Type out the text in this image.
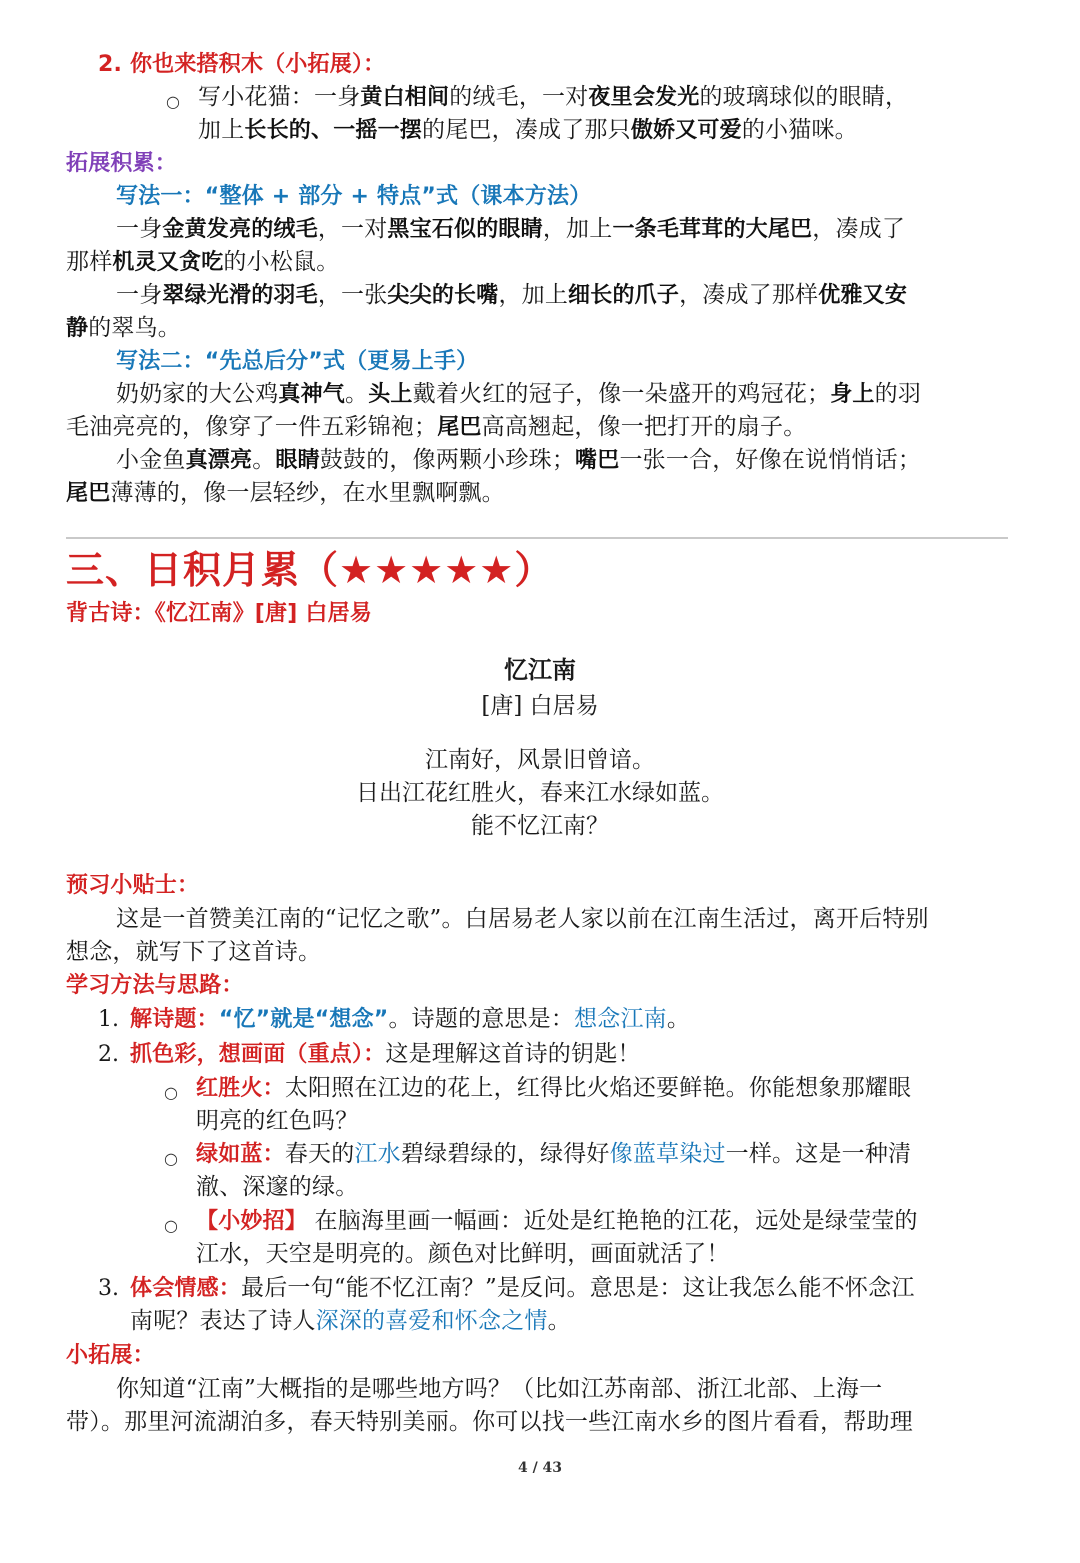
2. 你也来搭积木（小拓展）：
○ 写小花猫：一身黄白相间的绒毛，一对夜里会发光的玻璃球似的眼睛，
加上长长的、一摇一摆的尾巴，凑成了那只傲娇又可爱的小猫咪。
拓展积累：
写法一：“整体 + 部分 + 特点”式（课本方法）
一身金黄发亮的绒毛，一对黑宝石似的眼睛，加上一条毛茸茸的大尾巴，凑成了
那样机灵又贪吃的小松鼠。
一身翠绿光滑的羽毛，一张尖尖的长嘴，加上细长的爪子，凑成了那样优雅又安
静的翠鸟。
写法二：“先总后分”式（更易上手）
奶奶家的大公鸡真神气。头上戴着火红的冠子，像一朵盛开的鸡冠花；身上的羽
毛油亮亮的，像穿了一件五彩锦袍；尾巴高高翘起，像一把打开的扇子。
小金鱼真漂亮。眼睛鼓鼓的，像两颗小珍珠；嘴巴一张一合，好像在说悄悄话；
尾巴薄薄的，像一层轻纱，在水里飘啊飘。
三、日积月累（★★★★★）
背古诗：《忆江南》[唐] 白居易
忆江南
[唐] 白居易
江南好，风景旧曾谙。
日出江花红胜火，春来江水绿如蓝。
能不忆江南？
预习小贴士：
这是一首赞美江南的“记忆之歌”。白居易老人家以前在江南生活过，离开后特别
想念，就写下了这首诗。
学习方法与思路：
1. 解诗题：“忆”就是“想念”。诗题的意思是：想念江南。
2. 抓色彩，想画面（重点）：这是理解这首诗的钥匙！
○ 红胜火：太阳照在江边的花上，红得比火焰还要鲜艳。你能想象那耀眼
明亮的红色吗？
○ 绿如蓝：春天的江水碧绿碧绿的，绿得好像蓝草染过一样。这是一种清
澈、深邃的绿。
○ 【小妙招】 在脑海里画一幅画：近处是红艳艳的江花，远处是绿莹莹的
江水，天空是明亮的。颜色对比鲜明，画面就活了！
3. 体会情感：最后一句“能不忆江南？”是反问。意思是：这让我怎么能不怀念江
南呢？表达了诗人深深的喜爱和怀念之情。
小拓展：
你知道“江南”大概指的是哪些地方吗？（比如江苏南部、浙江北部、上海一
带）。那里河流湖泊多，春天特别美丽。你可以找一些江南水乡的图片看看，帮助理
4 / 43
